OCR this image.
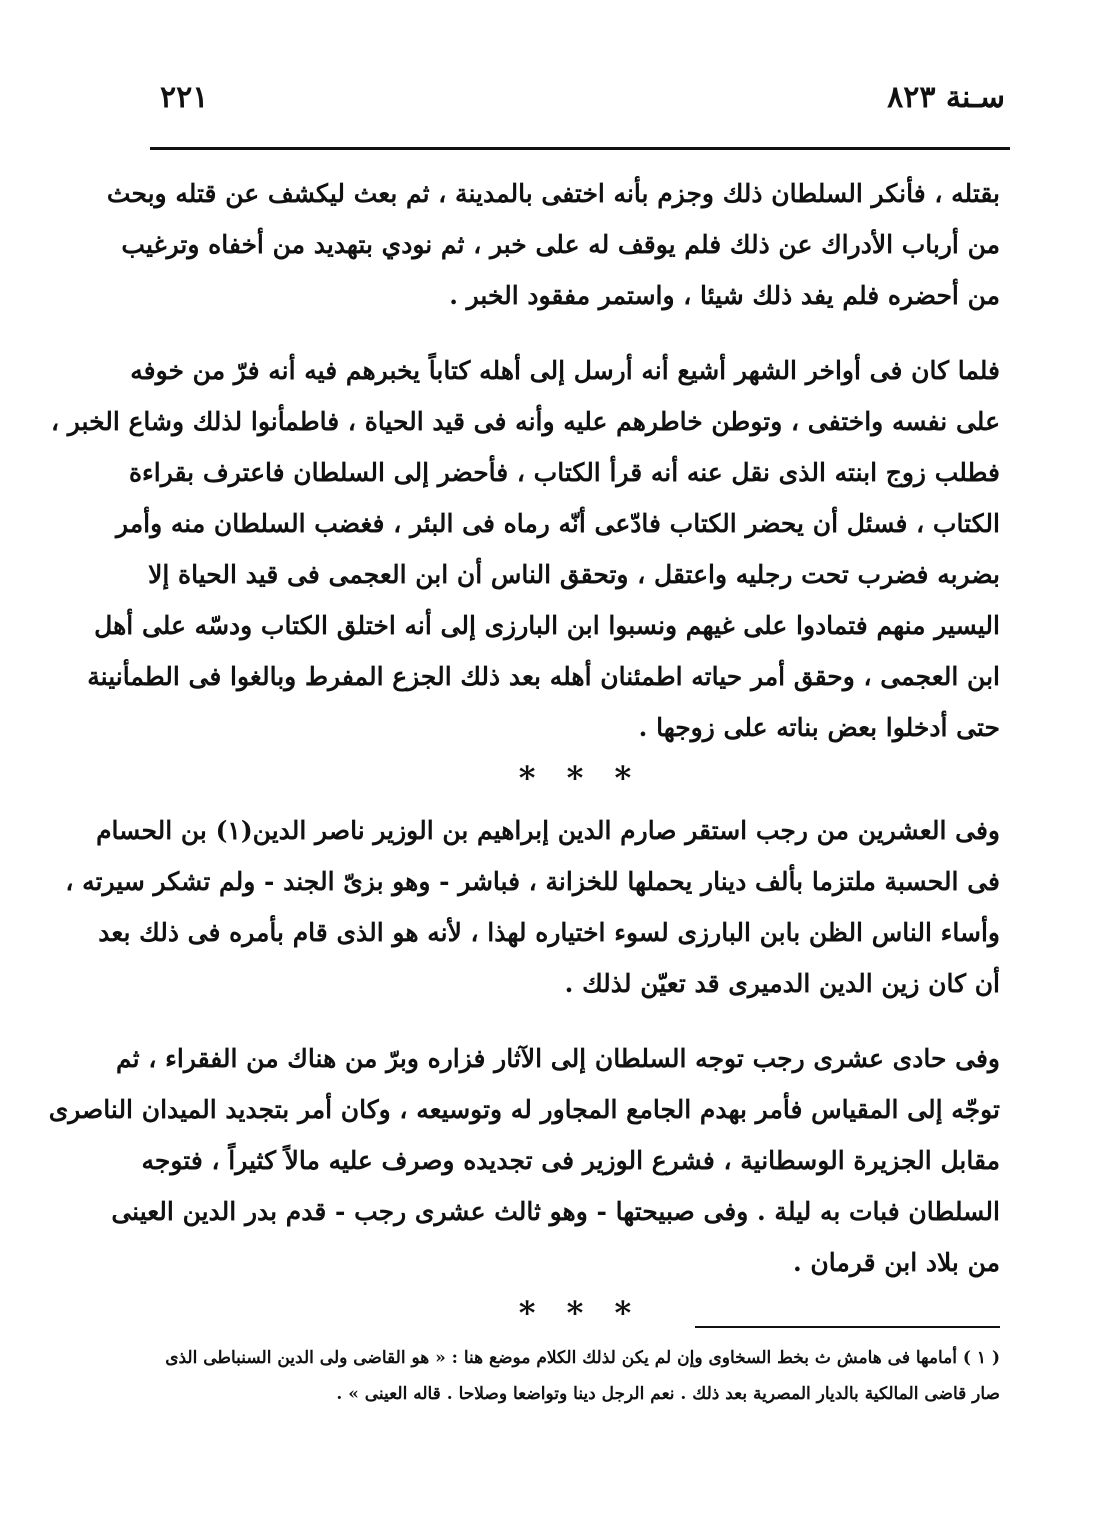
سـنة ٨٢٣
٢٢١
بقتله ، فأنكر السلطان ذلك وجزم بأنه اختفى بالمدينة ، ثم بعث ليكشف عن قتله وبحث
من أرباب الأدراك عن ذلك فلم يوقف له على خبر ، ثم نودي بتهديد من أخفاه وترغيب
من أحضره فلم يفد ذلك شيئا ، واستمر مفقود الخبر .
فلما كان فى أواخر الشهر أشيع أنه أرسل إلى أهله كتاباً يخبرهم فيه أنه فرّ من خوفه
على نفسه واختفى ، وتوطن خاطرهم عليه وأنه فى قيد الحياة ، فاطمأنوا لذلك وشاع الخبر ،
فطلب زوج ابنته الذى نقل عنه أنه قرأ الكتاب ، فأحضر إلى السلطان فاعترف بقراءة
الكتاب ، فسئل أن يحضر الكتاب فادّعى أنّه رماه فى البئر ، فغضب السلطان منه وأمر
بضربه فضرب تحت رجليه واعتقل ، وتحقق الناس أن ابن العجمى فى قيد الحياة إلا
اليسير منهم فتمادوا على غيهم ونسبوا ابن البارزى إلى أنه اختلق الكتاب ودسّه على أهل
ابن العجمى ، وحقق أمر حياته اطمئنان أهله بعد ذلك الجزع المفرط وبالغوا فى الطمأنينة
حتى أدخلوا بعض بناته على زوجها .
* * *
وفى العشرين من رجب استقر صارم الدين إبراهيم بن الوزير ناصر الدين(١) بن الحسام
فى الحسبة ملتزما بألف دينار يحملها للخزانة ، فباشر - وهو بزىّ الجند - ولم تشكر سيرته ،
وأساء الناس الظن بابن البارزى لسوء اختياره لهذا ، لأنه هو الذى قام بأمره فى ذلك بعد
أن كان زين الدين الدميرى قد تعيّن لذلك .
وفى حادى عشرى رجب توجه السلطان إلى الآثار فزاره وبرّ من هناك من الفقراء ، ثم
توجّه إلى المقياس فأمر بهدم الجامع المجاور له وتوسيعه ، وكان أمر بتجديد الميدان الناصرى
مقابل الجزيرة الوسطانية ، فشرع الوزير فى تجديده وصرف عليه مالاً كثيراً ، فتوجه
السلطان فبات به ليلة . وفى صبيحتها - وهو ثالث عشرى رجب - قدم بدر الدين العينى
من بلاد ابن قرمان .
* * *
( ١ ) أمامها فى هامش ث بخط السخاوى وإن لم يكن لذلك الكلام موضع هنا : « هو القاضى ولى الدين السنباطى الذى
صار قاضى المالكية بالديار المصرية بعد ذلك . نعم الرجل دينا وتواضعا وصلاحا . قاله العينى » .
